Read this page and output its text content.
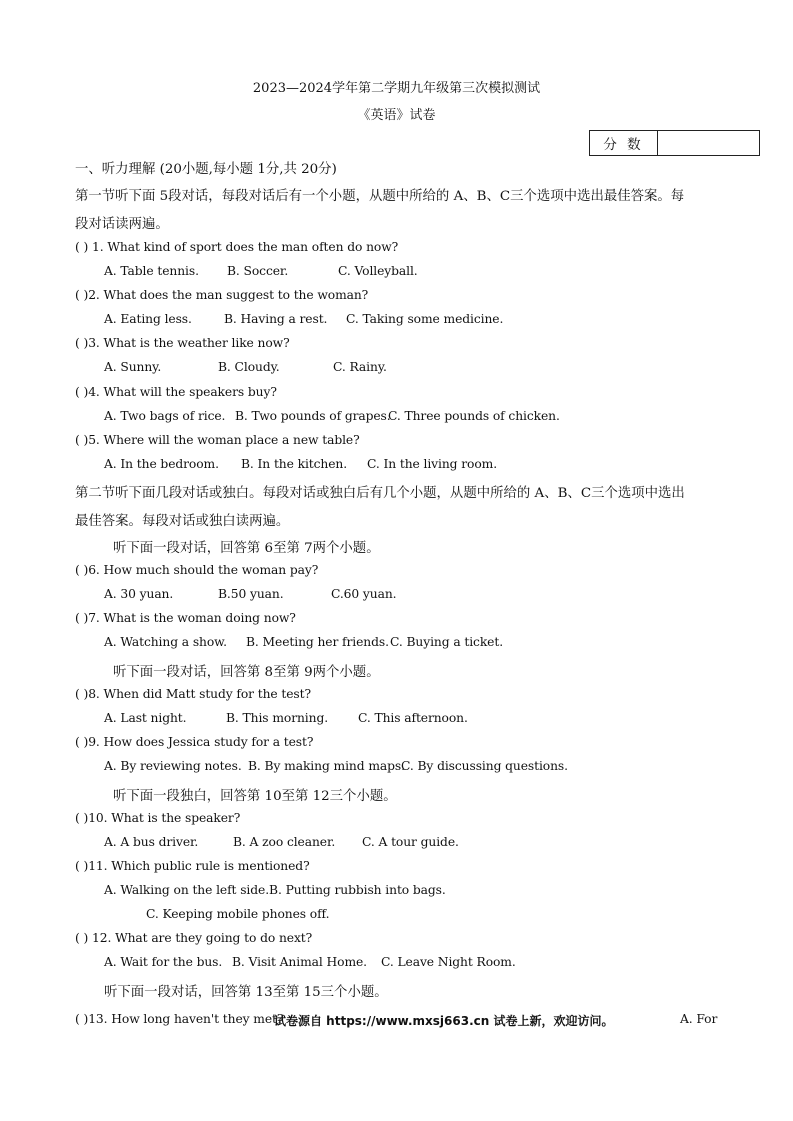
2023—2024学年第二学期九年级第三次模拟测试
《英语》试卷
分 数
一、听力理解 (20小题,每小题 1分,共 20分)
第一节听下面 5段对话，每段对话后有一个小题，从题中所给的 A、B、C三个选项中选出最佳答案。每
段对话读两遍。
( ) 1. What kind of sport does the man often do now?
A. Table tennis. B. Soccer.	C. Volleyball.
( )2. What does the man suggest to the woman?
A. Eating less.	B. Having a rest. C. Taking some medicine.
( )3. What is the weather like now?
A. Sunny.	B. Cloudy.	C. Rainy.
( )4. What will the speakers buy?
A. Two bags of rice. B. Two pounds of grapes.
C. Three pounds of chicken.
( )5. Where will the woman place a new table?
A. In the bedroom. B. In the kitchen. C. In the living room.
第二节听下面几段对话或独白。每段对话或独白后有几个小题，从题中所给的 A、B、C三个选项中选出
最佳答案。每段对话或独白读两遍。
听下面一段对话，回答第 6至第 7两个小题。
( )6. How much should the woman pay?
A. 30 yuan.	B.50 yuan.	C.60 yuan.
( )7. What is the woman doing now?
A. Watching a show. B. Meeting her friends. C. Buying a ticket.
听下面一段对话，回答第 8至第 9两个小题。
( )8. When did Matt study for the test?
A. Last night.	B. This morning. C. This afternoon.
( )9. How does Jessica study for a test?
A. By reviewing notes. B. By making mind maps.
C. By discussing questions.
听下面一段独白，回答第 10至第 12三个小题。
( )10. What is the speaker?
A. A bus driver.	B. A zoo cleaner. C. A tour guide.
( )11. Which public rule is mentioned?
A. Walking on the left side.B. Putting rubbish into bags.
C. Keeping mobile phones off.
( ) 12. What are they going to do next?
A. Wait for the bus. B. Visit Animal Home. C. Leave Night Room.
听下面一段对话，回答第 13至第 15三个小题。
( )13. How long haven't they met?
试卷源自 https://www.mxsj663.cn 试卷上新，欢迎访问。	A. For
